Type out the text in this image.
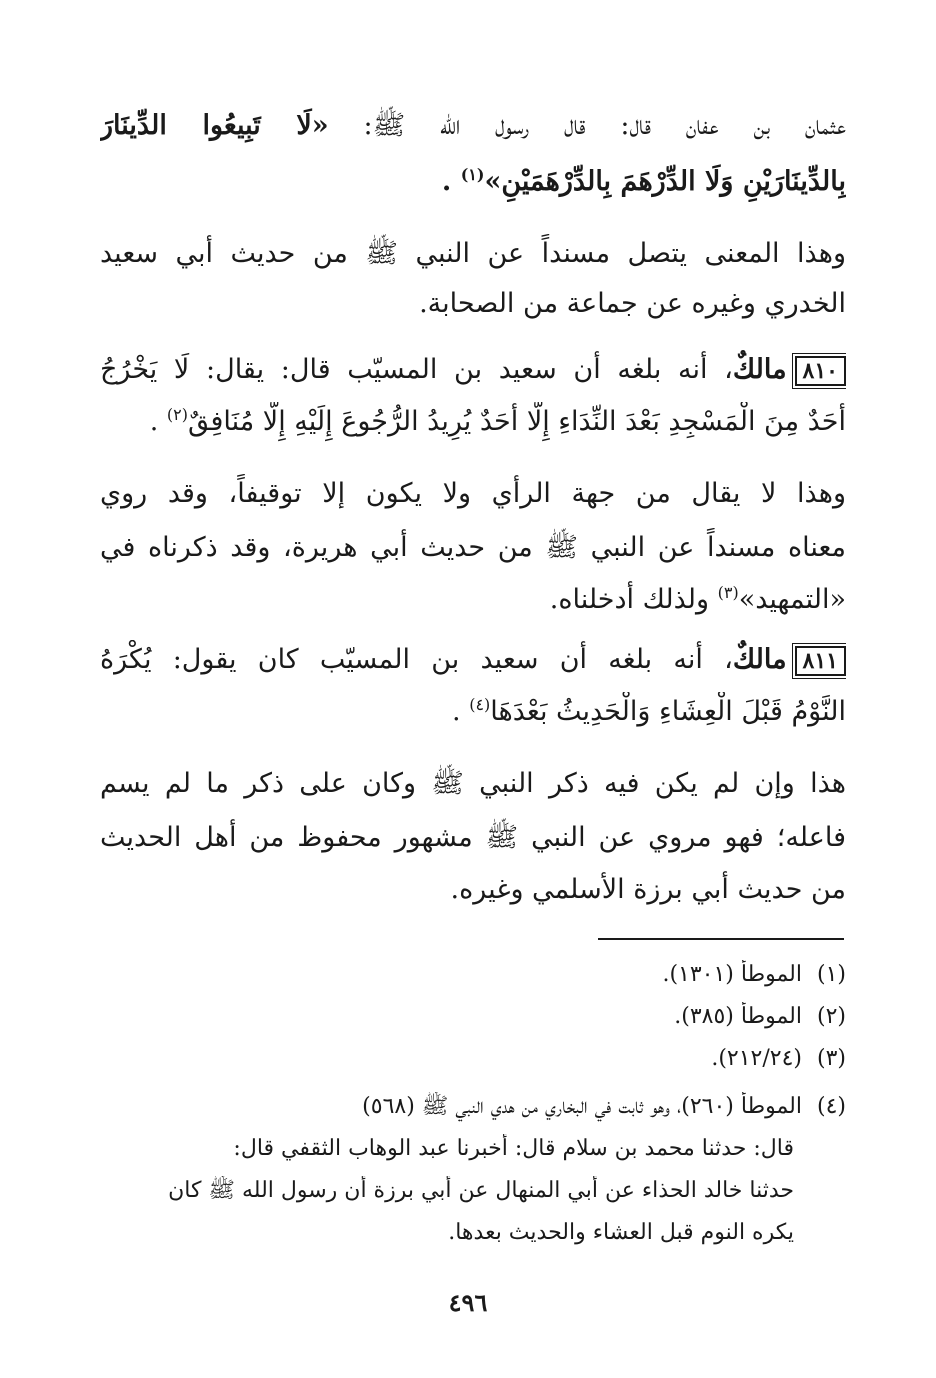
عثمان بن عفان قال: قال رسول الله ﷺ: «لَا تَبِيعُوا الدِّينَارَ
بِالدِّينَارَيْنِ وَلَا الدِّرْهَمَ بِالدِّرْهَمَيْنِ»$^{(١)}$ .
وهذا المعنى يتصل مسنداً عن النبي ﷺ من حديث أبي سعيد
الخدري وغيره عن جماعة من الصحابة.
٨١٠مالكٌ، أنه بلغه أن سعيد بن المسيّب قال: يقال: لَا يَخْرُجُ
أَحَدٌ مِنَ الْمَسْجِدِ بَعْدَ النِّدَاءِ إِلَّا أَحَدٌ يُرِيدُ الرُّجُوعَ إِلَيْهِ إِلَّا مُنَافِقٌ$^{(٢)}$ .
وهذا لا يقال من جهة الرأي ولا يكون إلا توقيفاً، وقد روي
معناه مسنداً عن النبي ﷺ من حديث أبي هريرة، وقد ذكرناه في
«التمهيد»$^{(٣)}$ ولذلك أدخلناه.
٨١١مالكٌ، أنه بلغه أن سعيد بن المسيّب كان يقول: يُكْرَهُ
النَّوْمُ قَبْلَ الْعِشَاءِ وَالْحَدِيثُ بَعْدَهَا$^{(٤)}$ .
هذا وإن لم يكن فيه ذكر النبي ﷺ وكان على ذكر ما لم يسم
فاعله؛ فهو مروي عن النبي ﷺ مشهور محفوظ من أهل الحديث
من حديث أبي برزة الأسلمي وغيره.
(١)الموطأ (١٣٠١).
(٢)الموطأ (٣٨٥).
(٣)(٢١٢/٢٤).
(٤)الموطأ (٢٦٠)، وهو ثابت في البخاري من هدي النبي ﷺ (٥٦٨)
قال: حدثنا محمد بن سلام قال: أخبرنا عبد الوهاب الثقفي قال:
حدثنا خالد الحذاء عن أبي المنهال عن أبي برزة أن رسول الله ﷺ كان
يكره النوم قبل العشاء والحديث بعدها.
٤٩٦
